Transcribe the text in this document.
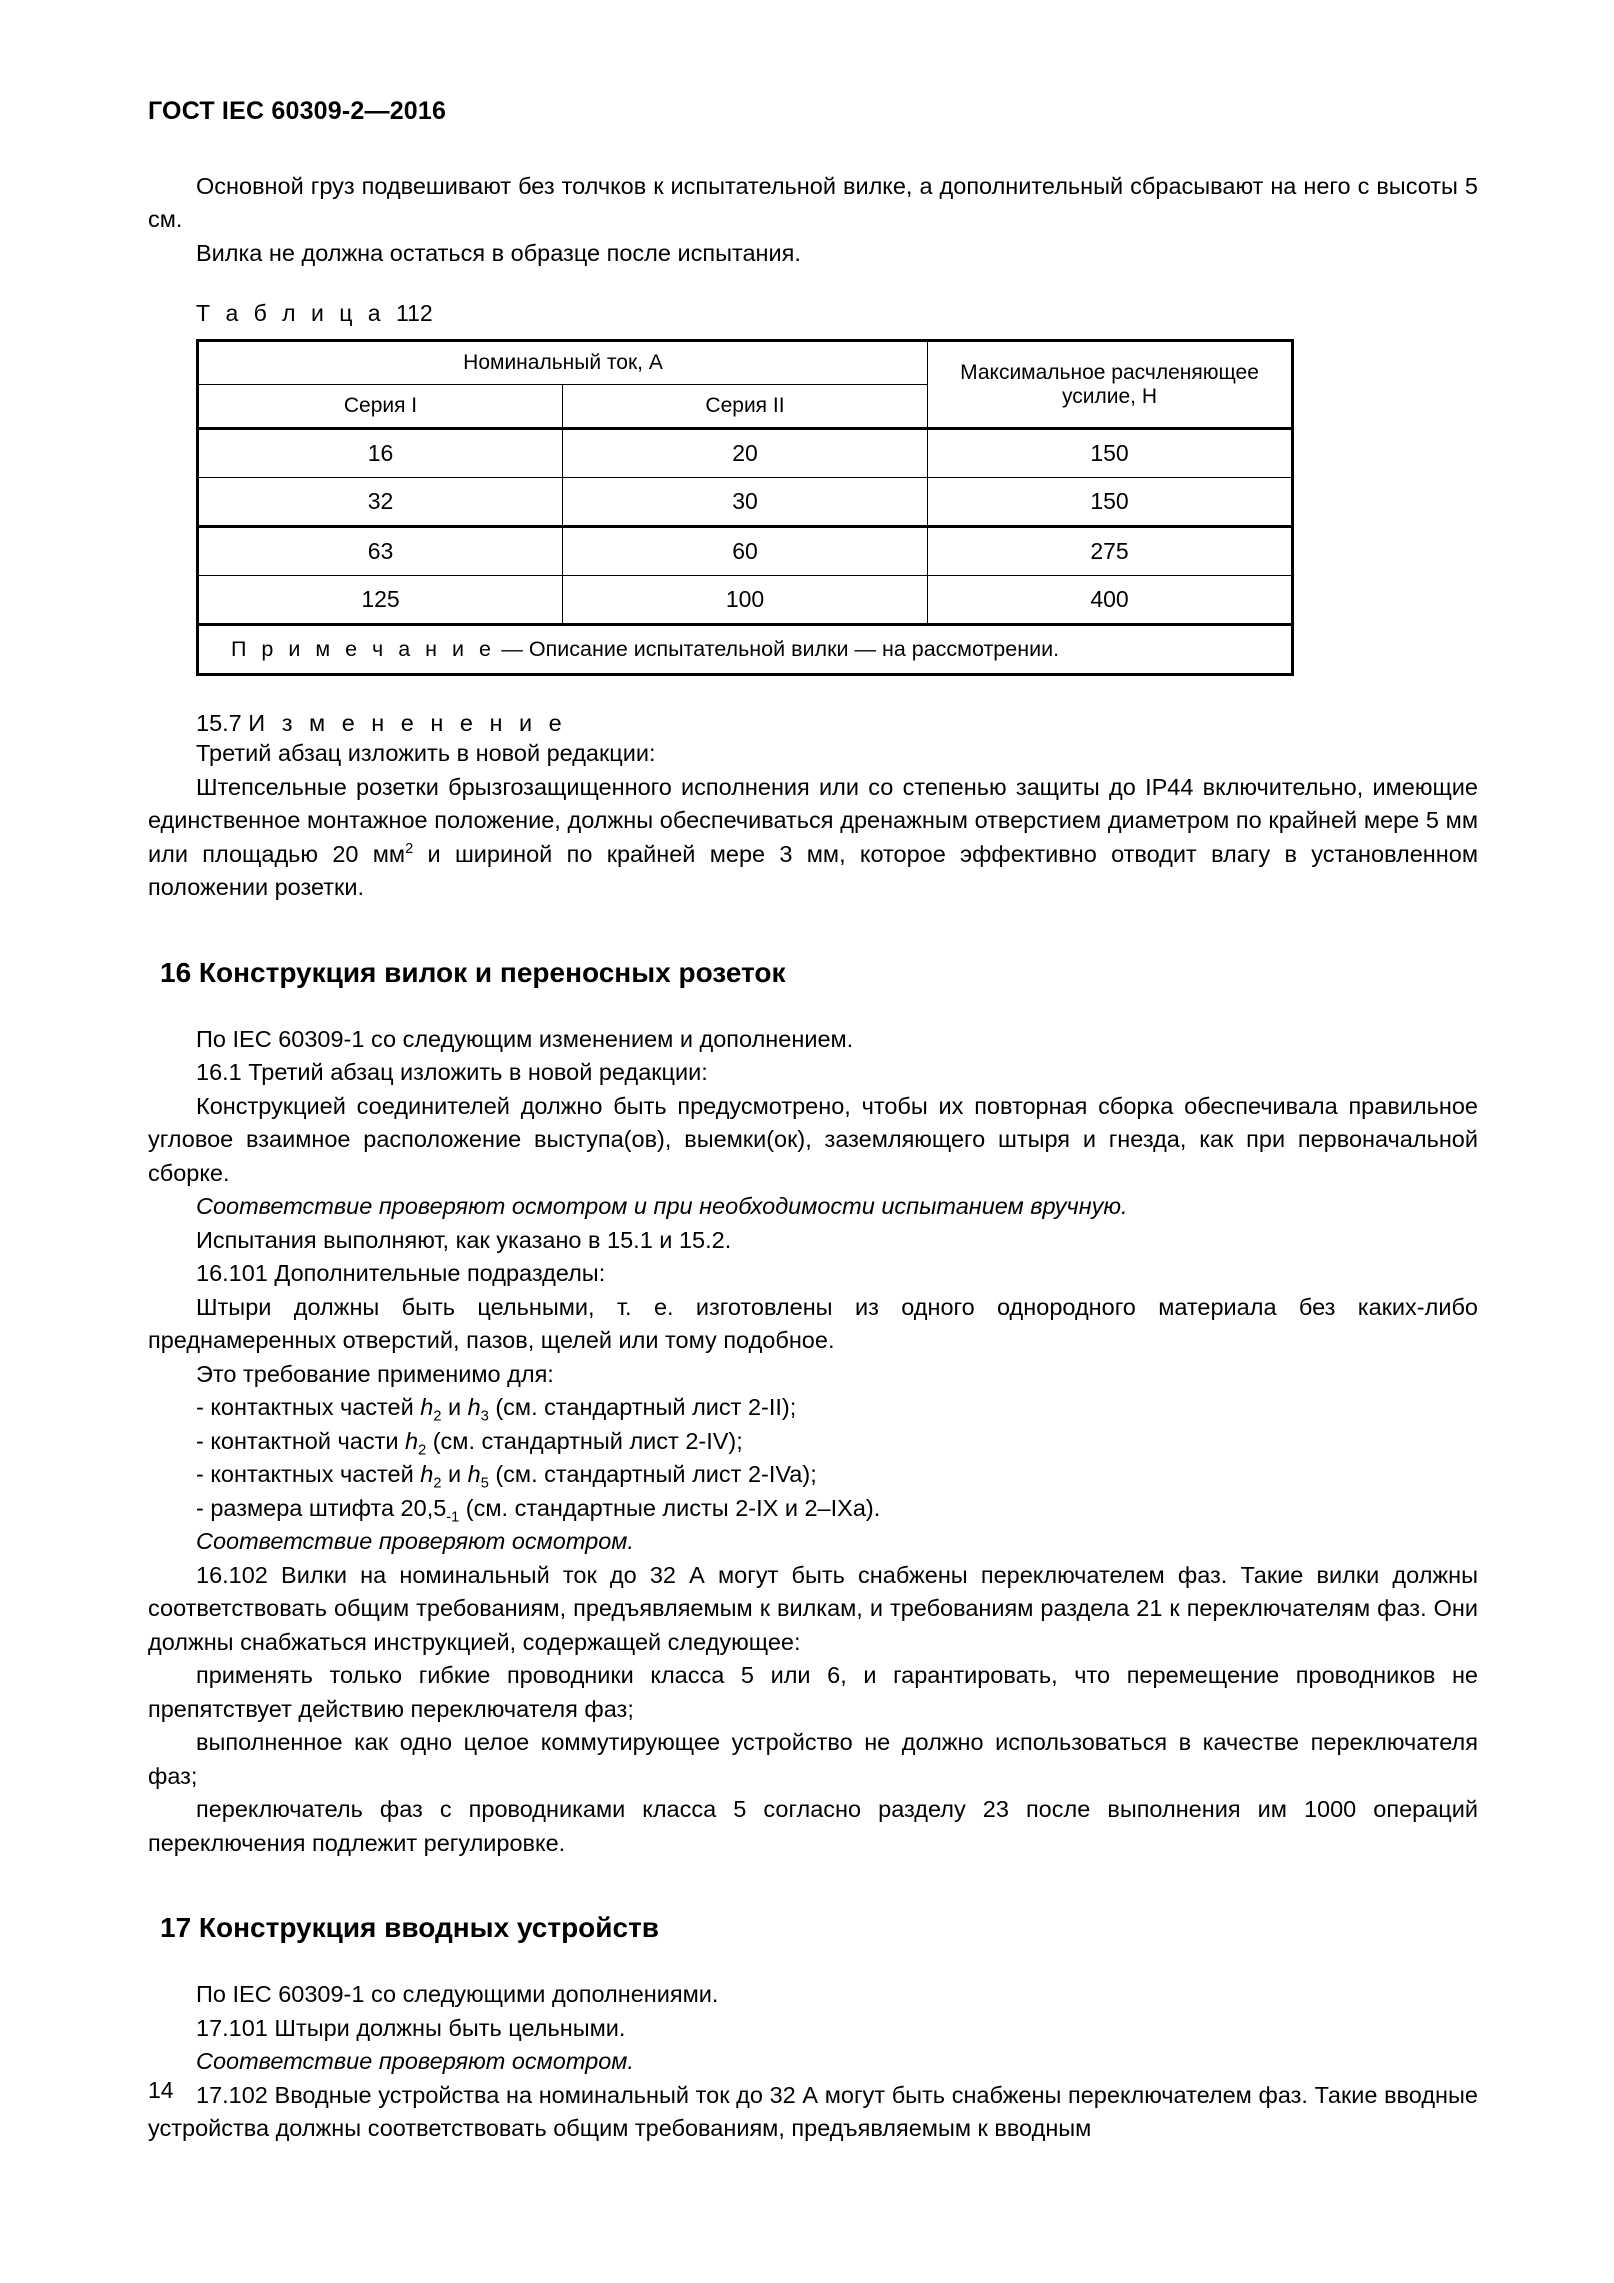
ГОСТ IEC 60309-2—2016

Основной груз подвешивают без толчков к испытательной вилке, а дополнительный сбрасывают на него с высоты 5 см.

Вилка не должна остаться в образце после испытания.

Т а б л и ц а 112
Номинальный ток, А		Максимальное расчленяющее усилие, Н
Серия I	Серия II	
16	20	150
32	30	150
63	60	275
125	100	400
П р и м е ч а н и е — Описание испытательной вилки — на рассмотрении.		
15.7 И з м е н е н е н и е

Третий абзац изложить в новой редакции:

Штепсельные розетки брызгозащищенного исполнения или со степенью защиты до IP44 включительно, имеющие единственное монтажное положение, должны обеспечиваться дренажным отверстием диаметром по крайней мере 5 мм или площадью 20 $мм^2$ и шириной по крайней мере 3 мм, которое эффективно отводит влагу в установленном положении розетки.

16 Конструкция вилок и переносных розеток

По IEC 60309-1 со следующим изменением и дополнением.

16.1 Третий абзац изложить в новой редакции:

Конструкцией соединителей должно быть предусмотрено, чтобы их повторная сборка обеспечивала правильное угловое взаимное расположение выступа(ов), выемки(ок), заземляющего штыря и гнезда, как при первоначальной сборке.

Соответствие проверяют осмотром и при необходимости испытанием вручную.

Испытания выполняют, как указано в 15.1 и 15.2.

16.101 Дополнительные подразделы:

Штыри должны быть цельными, т. е. изготовлены из одного однородного материала без каких-либо преднамеренных отверстий, пазов, щелей или тому подобное.

Это требование применимо для:

- контактных частей $h_2$ и $h_3$ (см. стандартный лист 2-II);

- контактной части $h_2$ (см. стандартный лист 2-IV);

- контактных частей $h_2$ и $h_5$ (см. стандартный лист 2-IVa);

- размера штифта $20,5_{-1}$ (см. стандартные листы 2-IX и 2–IXa).

Соответствие проверяют осмотром.

16.102 Вилки на номинальный ток до 32 А могут быть снабжены переключателем фаз. Такие вилки должны соответствовать общим требованиям, предъявляемым к вилкам, и требованиям раздела 21 к переключателям фаз. Они должны снабжаться инструкцией, содержащей следующее:

применять только гибкие проводники класса 5 или 6, и гарантировать, что перемещение проводников не препятствует действию переключателя фаз;

выполненное как одно целое коммутирующее устройство не должно использоваться в качестве переключателя фаз;

переключатель фаз с проводниками класса 5 согласно разделу 23 после выполнения им 1000 операций переключения подлежит регулировке.

17 Конструкция вводных устройств

По IEC 60309-1 со следующими дополнениями.

17.101 Штыри должны быть цельными.

Соответствие проверяют осмотром.

17.102 Вводные устройства на номинальный ток до 32 А могут быть снабжены переключателем фаз. Такие вводные устройства должны соответствовать общим требованиям, предъявляемым к вводным

14
